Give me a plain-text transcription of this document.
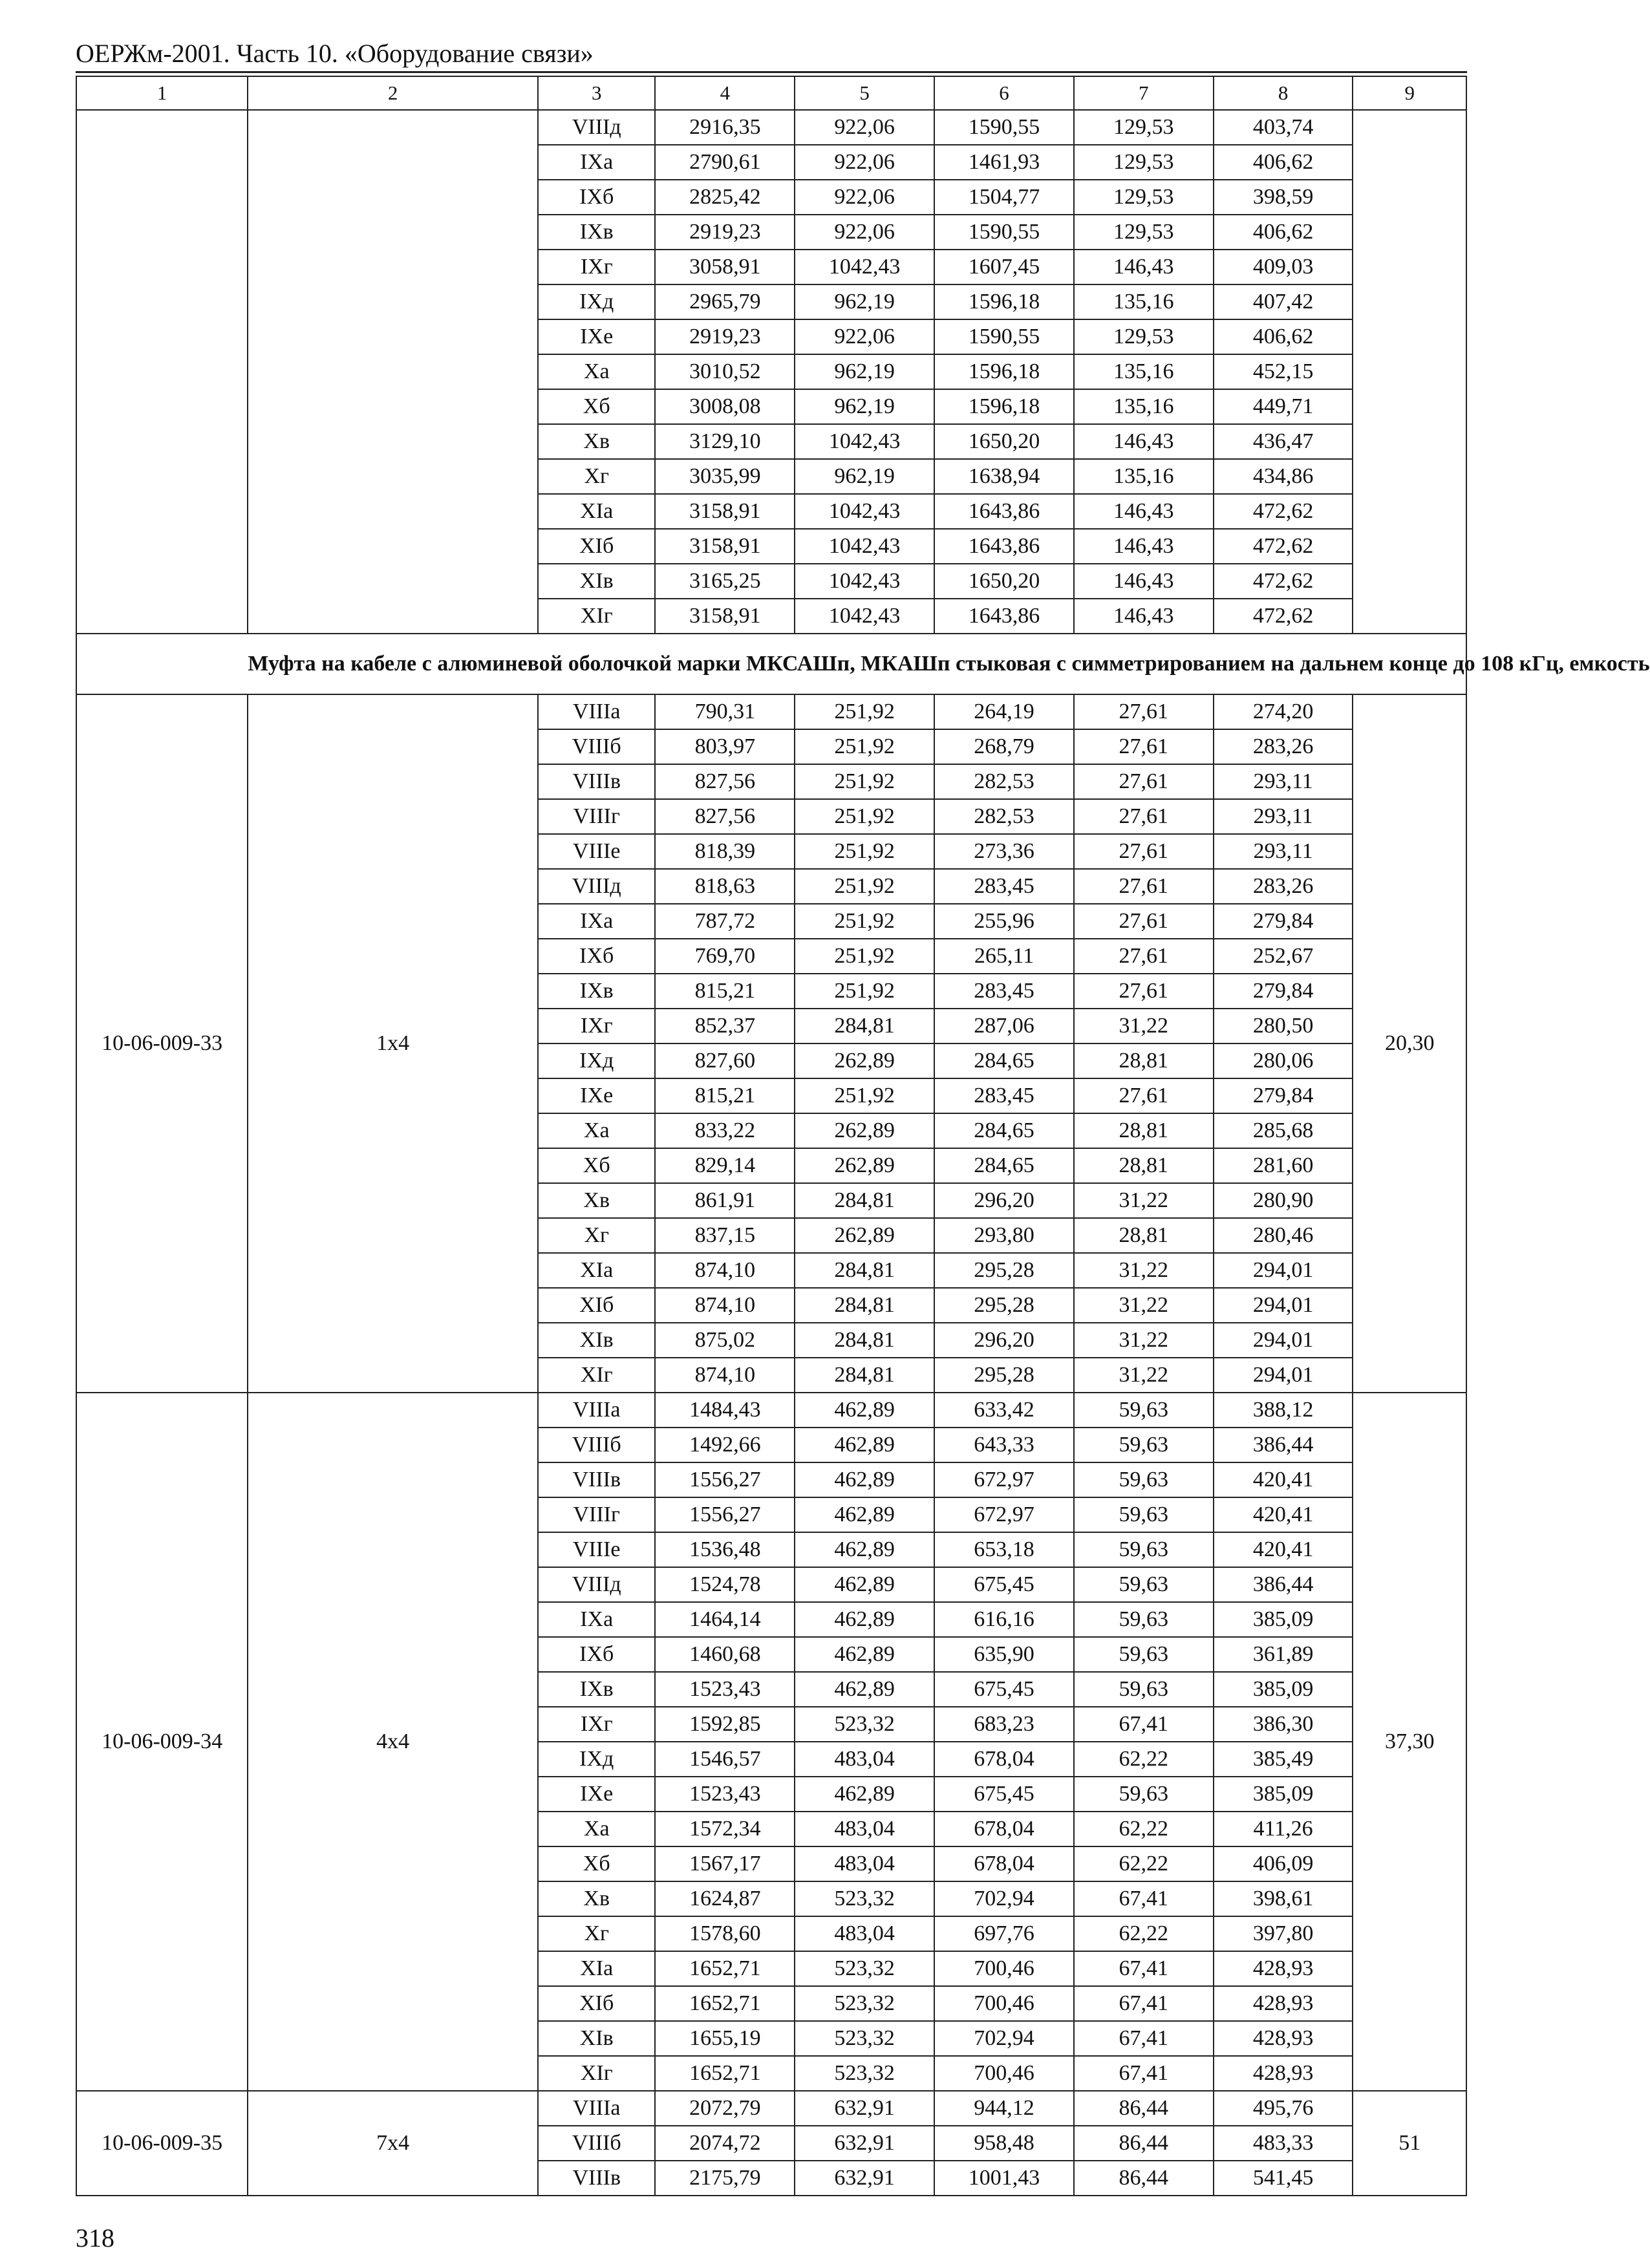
ОЕРЖм-2001. Часть 10. «Оборудование связи»
1	2	3	4	5	6	7	8	9
		VIIIд	2916,35	922,06	1590,55	129,53	403,74	
		IXа	2790,61	922,06	1461,93	129,53	406,62	
		IXб	2825,42	922,06	1504,77	129,53	398,59	
		IXв	2919,23	922,06	1590,55	129,53	406,62	
		IXг	3058,91	1042,43	1607,45	146,43	409,03	
		IXд	2965,79	962,19	1596,18	135,16	407,42	
		IXе	2919,23	922,06	1590,55	129,53	406,62	
		Xа	3010,52	962,19	1596,18	135,16	452,15	
		Xб	3008,08	962,19	1596,18	135,16	449,71	
		Xв	3129,10	1042,43	1650,20	146,43	436,47	
		Xг	3035,99	962,19	1638,94	135,16	434,86	
		XIа	3158,91	1042,43	1643,86	146,43	472,62	
		XIб	3158,91	1042,43	1643,86	146,43	472,62	
		XIв	3165,25	1042,43	1650,20	146,43	472,62	
		XIг	3158,91	1042,43	1643,86	146,43	472,62	
	Муфта на кабеле с алюминевой оболочкой марки МКСАШп, МКАШп стыковая с симметрированием на дальнем конце до 108 кГц, емкость							
10-06-009-33	1х4	VIIIа	790,31	251,92	264,19	27,61	274,20	20,30
		VIIIб	803,97	251,92	268,79	27,61	283,26	
		VIIIв	827,56	251,92	282,53	27,61	293,11	
		VIIIг	827,56	251,92	282,53	27,61	293,11	
		VIIIе	818,39	251,92	273,36	27,61	293,11	
		VIIIд	818,63	251,92	283,45	27,61	283,26	
		IXа	787,72	251,92	255,96	27,61	279,84	
		IXб	769,70	251,92	265,11	27,61	252,67	
		IXв	815,21	251,92	283,45	27,61	279,84	
		IXг	852,37	284,81	287,06	31,22	280,50	
		IXд	827,60	262,89	284,65	28,81	280,06	
		IXе	815,21	251,92	283,45	27,61	279,84	
		Xа	833,22	262,89	284,65	28,81	285,68	
		Xб	829,14	262,89	284,65	28,81	281,60	
		Xв	861,91	284,81	296,20	31,22	280,90	
		Xг	837,15	262,89	293,80	28,81	280,46	
		XIа	874,10	284,81	295,28	31,22	294,01	
		XIб	874,10	284,81	295,28	31,22	294,01	
		XIв	875,02	284,81	296,20	31,22	294,01	
		XIг	874,10	284,81	295,28	31,22	294,01	
10-06-009-34	4х4	VIIIа	1484,43	462,89	633,42	59,63	388,12	37,30
		VIIIб	1492,66	462,89	643,33	59,63	386,44	
		VIIIв	1556,27	462,89	672,97	59,63	420,41	
		VIIIг	1556,27	462,89	672,97	59,63	420,41	
		VIIIе	1536,48	462,89	653,18	59,63	420,41	
		VIIIд	1524,78	462,89	675,45	59,63	386,44	
		IXа	1464,14	462,89	616,16	59,63	385,09	
		IXб	1460,68	462,89	635,90	59,63	361,89	
		IXв	1523,43	462,89	675,45	59,63	385,09	
		IXг	1592,85	523,32	683,23	67,41	386,30	
		IXд	1546,57	483,04	678,04	62,22	385,49	
		IXе	1523,43	462,89	675,45	59,63	385,09	
		Xа	1572,34	483,04	678,04	62,22	411,26	
		Xб	1567,17	483,04	678,04	62,22	406,09	
		Xв	1624,87	523,32	702,94	67,41	398,61	
		Xг	1578,60	483,04	697,76	62,22	397,80	
		XIа	1652,71	523,32	700,46	67,41	428,93	
		XIб	1652,71	523,32	700,46	67,41	428,93	
		XIв	1655,19	523,32	702,94	67,41	428,93	
		XIг	1652,71	523,32	700,46	67,41	428,93	
10-06-009-35	7х4	VIIIа	2072,79	632,91	944,12	86,44	495,76	51
		VIIIб	2074,72	632,91	958,48	86,44	483,33	
		VIIIв	2175,79	632,91	1001,43	86,44	541,45	
318
